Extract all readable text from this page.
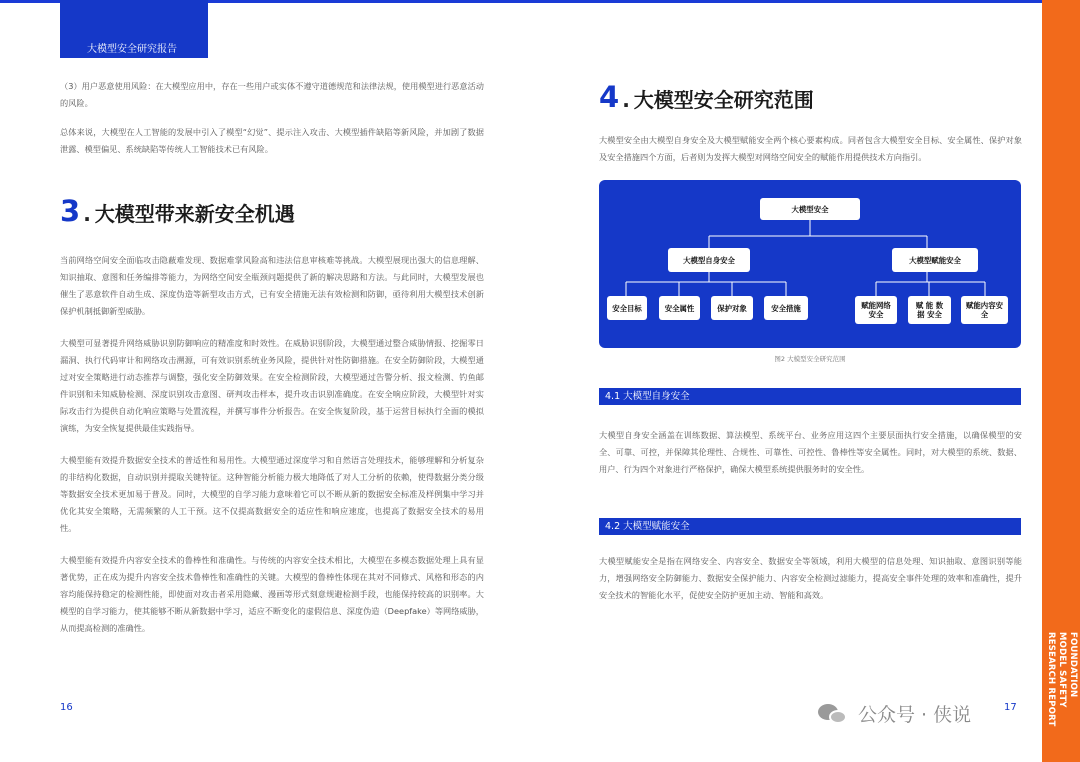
大模型安全研究报告
FOUNDATION MODEL SAFETY
RESEARCH REPORT

（3）用户恶意使用风险：在大模型应用中，存在一些用户或实体不遵守道德规范和法律法规，使用模型进行恶意活动的风险。

总体来说，大模型在人工智能的发展中引入了模型“幻觉”、提示注入攻击、大模型插件缺陷等新风险，并加剧了数据泄露、模型偏见、系统缺陷等传统人工智能技术已有风险。

3 . 大模型带来新安全机遇

当前网络空间安全面临攻击隐蔽难发现、数据难掌风险高和违法信息审核难等挑战。大模型展现出强大的信息理解、知识抽取、意图和任务编排等能力，为网络空间安全瓶颈问题提供了新的解决思路和方法。与此同时，大模型发展也催生了恶意软件自动生成、深度伪造等新型攻击方式，已有安全措施无法有效检测和防御，亟待利用大模型技术创新保护机制抵御新型威胁。

大模型可显著提升网络威胁识别防御响应的精准度和时效性。在威胁识别阶段，大模型通过整合威胁情报、挖掘零日漏洞、执行代码审计和网络攻击溯源，可有效识别系统业务风险，提供针对性防御措施。在安全防御阶段，大模型通过对安全策略进行动态推荐与调整，强化安全防御效果。在安全检测阶段，大模型通过告警分析、报文检测、钓鱼邮件识别和未知威胁检测、深度识别攻击意图、研判攻击样本，提升攻击识别准确度。在安全响应阶段，大模型针对实际攻击行为提供自动化响应策略与处置流程，并撰写事件分析报告。在安全恢复阶段，基于运营目标执行全面的模拟演练，为安全恢复提供最佳实践指导。

大模型能有效提升数据安全技术的普适性和易用性。大模型通过深度学习和自然语言处理技术，能够理解和分析复杂的非结构化数据，自动识别并提取关键特征。这种智能分析能力极大地降低了对人工分析的依赖，使得数据分类分级等数据安全技术更加易于普及。同时，大模型的自学习能力意味着它可以不断从新的数据安全标准及样例集中学习并优化其安全策略，无需频繁的人工干预。这不仅提高数据安全的适应性和响应速度，也提高了数据安全技术的易用性。

大模型能有效提升内容安全技术的鲁棒性和准确性。与传统的内容安全技术相比，大模型在多模态数据处理上具有显著优势，正在成为提升内容安全技术鲁棒性和准确性的关键。大模型的鲁棒性体现在其对不同修式、风格和形态的内容均能保持稳定的检测性能，即使面对攻击者采用隐藏、漫画等形式刻意规避检测手段，也能保持较高的识别率。大模型的自学习能力，使其能够不断从新数据中学习，适应不断变化的虚假信息、深度伪造（Deepfake）等网络威胁，从而提高检测的准确性。

4 . 大模型安全研究范围

大模型安全由大模型自身安全及大模型赋能安全两个核心要素构成。同者包含大模型安全目标、安全属性、保护对象及安全措施四个方面，后者则为发挥大模型对网络空间安全的赋能作用提供技术方向指引。

大模型安全
大模型自身安全	大模型赋能安全
安全目标	安全属性	保护对象	安全措施	赋能网络安全
赋 能 数 据 安全
赋能内容安全
图2 大模型安全研究范围
4.1 大模型自身安全

大模型自身安全涵盖在训练数据、算法模型、系统平台、业务应用这四个主要层面执行安全措施，以确保模型的安全、可靠、可控，并保障其伦理性、合规性、可靠性、可控性、鲁棒性等安全属性。同时，对大模型的系统、数据、用户、行为四个对象进行严格保护，确保大模型系统提供服务时的安全性。

4.2 大模型赋能安全

大模型赋能安全是指在网络安全、内容安全、数据安全等领域，利用大模型的信息处理、知识抽取、意图识别等能力，增强网络安全防御能力、数据安全保护能力、内容安全检测过滤能力，提高安全事件处理的效率和准确性，提升安全技术的智能化水平，促使安全防护更加主动、智能和高效。

16	17
公众号 · 侠说
